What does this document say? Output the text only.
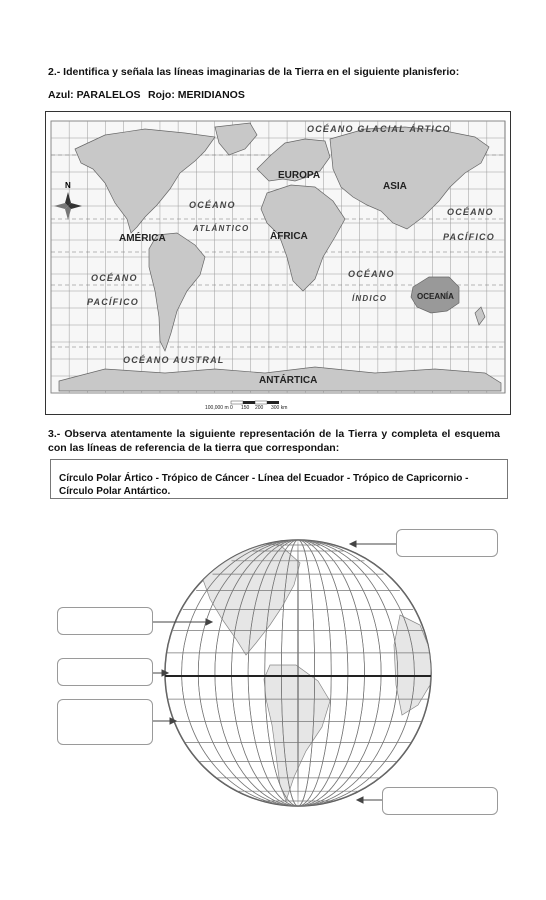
2.- Identifica y señala las líneas imaginarias de la Tierra en el siguiente planisferio:
Azul: PARALELOS Rojo: MERIDIANOS
OCÉANO GLACIAL ÁRTICO
EUROPA
ASIA
ÁFRICA
AMÉRICA
OCEANÍA
ANTÁRTICA
OCÉANO
ATLÁNTICO
OCÉANO
PACÍFICO
OCÉANO
PACÍFICO
OCÉANO
ÍNDICO
OCÉANO AUSTRAL
N
100,000 m 0 150 200 300 km
3.- Observa atentamente la siguiente representación de la Tierra y completa el esquema con las líneas de referencia de la tierra que correspondan:
Círculo Polar Ártico - Trópico de Cáncer - Línea del Ecuador - Trópico de Capricornio - Círculo Polar Antártico.
